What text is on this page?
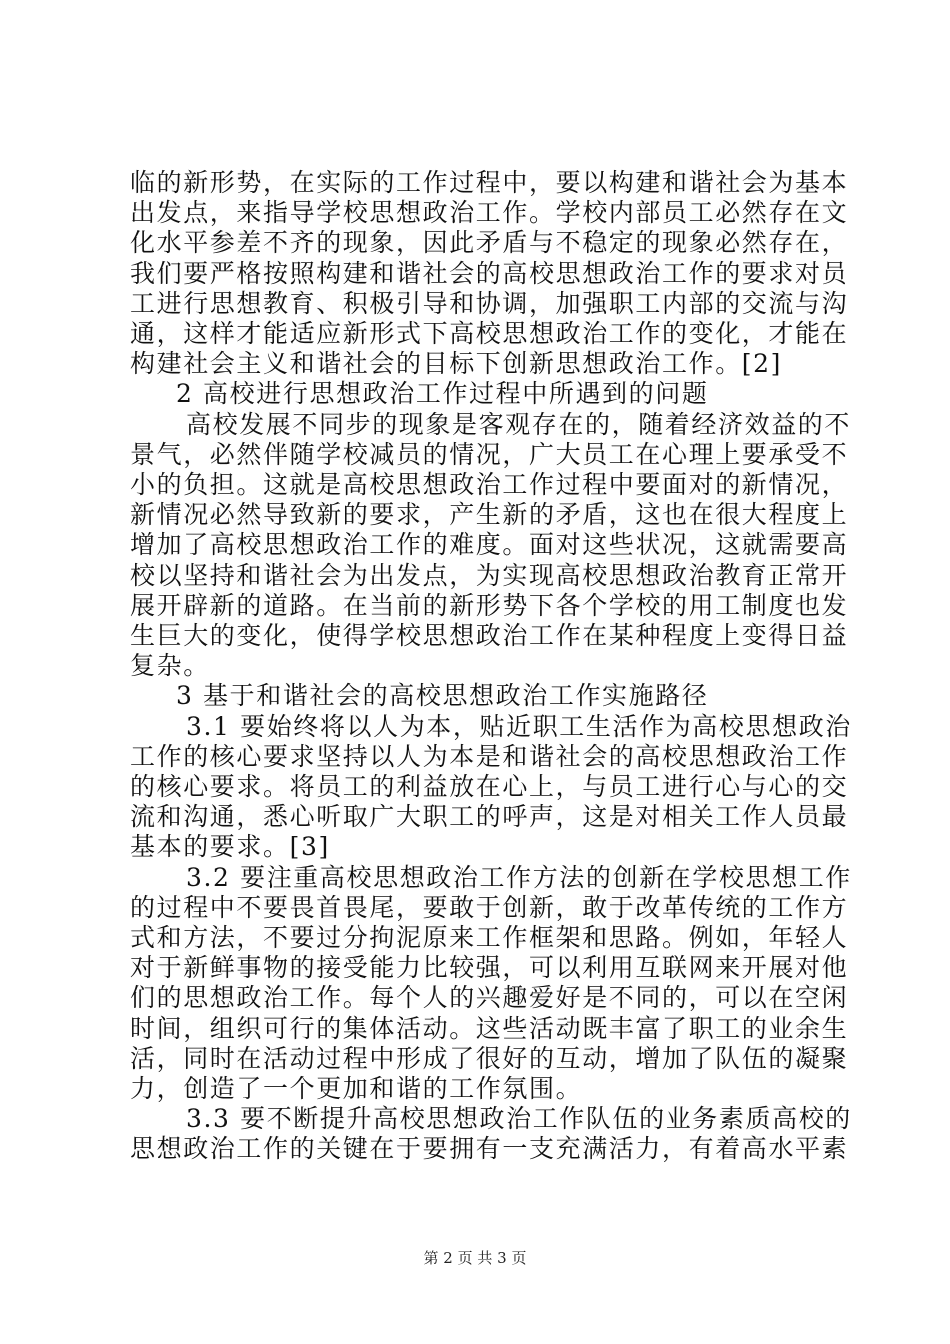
临的新形势，在实际的工作过程中，要以构建和谐社会为基本
出发点，来指导学校思想政治工作。学校内部员工必然存在文
化水平参差不齐的现象，因此矛盾与不稳定的现象必然存在，
我们要严格按照构建和谐社会的高校思想政治工作的要求对员
工进行思想教育、积极引导和协调，加强职工内部的交流与沟
通，这样才能适应新形式下高校思想政治工作的变化，才能在
构建社会主义和谐社会的目标下创新思想政治工作。[2]
2 高校进行思想政治工作过程中所遇到的问题
高校发展不同步的现象是客观存在的，随着经济效益的不
景气，必然伴随学校减员的情况，广大员工在心理上要承受不
小的负担。这就是高校思想政治工作过程中要面对的新情况，
新情况必然导致新的要求，产生新的矛盾，这也在很大程度上
增加了高校思想政治工作的难度。面对这些状况，这就需要高
校以坚持和谐社会为出发点，为实现高校思想政治教育正常开
展开辟新的道路。在当前的新形势下各个学校的用工制度也发
生巨大的变化，使得学校思想政治工作在某种程度上变得日益
复杂。
3 基于和谐社会的高校思想政治工作实施路径
3.1 要始终将以人为本，贴近职工生活作为高校思想政治
工作的核心要求坚持以人为本是和谐社会的高校思想政治工作
的核心要求。将员工的利益放在心上，与员工进行心与心的交
流和沟通，悉心听取广大职工的呼声，这是对相关工作人员最
基本的要求。[3]
3.2 要注重高校思想政治工作方法的创新在学校思想工作
的过程中不要畏首畏尾，要敢于创新，敢于改革传统的工作方
式和方法，不要过分拘泥原来工作框架和思路。例如，年轻人
对于新鲜事物的接受能力比较强，可以利用互联网来开展对他
们的思想政治工作。每个人的兴趣爱好是不同的，可以在空闲
时间，组织可行的集体活动。这些活动既丰富了职工的业余生
活，同时在活动过程中形成了很好的互动，增加了队伍的凝聚
力，创造了一个更加和谐的工作氛围。
3.3 要不断提升高校思想政治工作队伍的业务素质高校的
思想政治工作的关键在于要拥有一支充满活力，有着高水平素
第 2 页 共 3 页
